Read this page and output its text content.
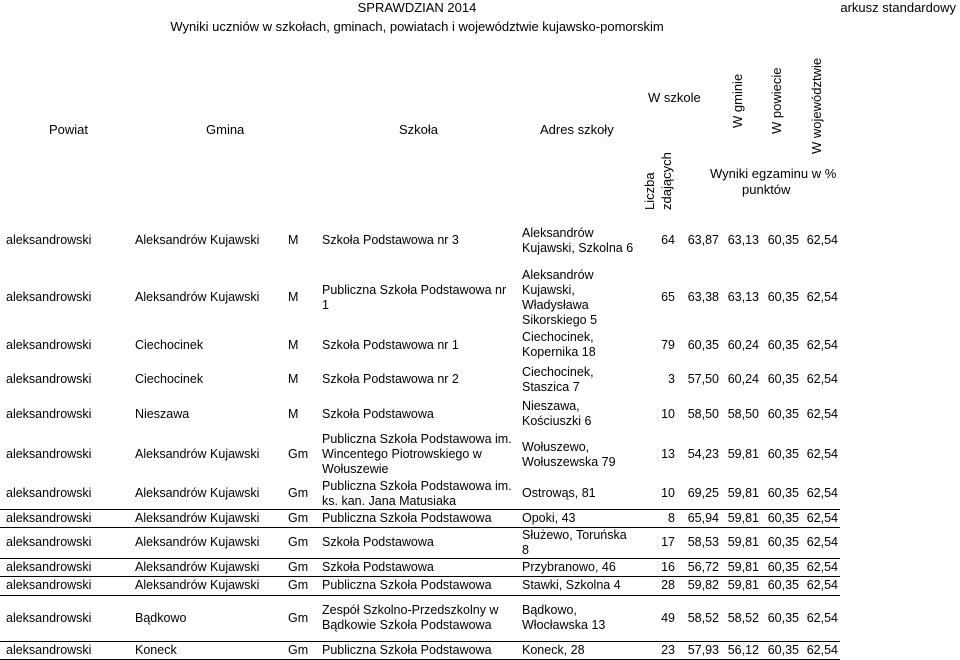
SPRAWDZIAN 2014
Wyniki uczniów w szkołach, gminach, powiatach i województwie kujawsko-pomorskim
arkusz standardowy
Powiat	Gmina	Szkoła	Adres szkoły
W szkole W gminie W powiecie W województwie
Liczba zdających	Wyniki egzaminu w %
punktów
aleksandrowski	Aleksandrów Kujawski	M	Szkoła Podstawowa nr 3	Aleksandrów Kujawski, Szkolna 6	64	63,87	63,13	60,35	62,54
aleksandrowski	Aleksandrów Kujawski	M	Publiczna Szkoła Podstawowa nr 1	Aleksandrów Kujawski, Władysława Sikorskiego 5	65	63,38	63,13	60,35	62,54
aleksandrowski	Ciechocinek	M	Szkoła Podstawowa nr 1	Ciechocinek, Kopernika 18	79	60,35	60,24	60,35	62,54
aleksandrowski	Ciechocinek	M	Szkoła Podstawowa nr 2	Ciechocinek, Staszica 7	3	57,50	60,24	60,35	62,54
aleksandrowski	Nieszawa	M	Szkoła Podstawowa	Nieszawa, Kościuszki 6	10	58,50	58,50	60,35	62,54
aleksandrowski	Aleksandrów Kujawski	Gm	Publiczna Szkoła Podstawowa im. Wincentego Piotrowskiego w Wołuszewie	Wołuszewo, Wołuszewska 79	13	54,23	59,81	60,35	62,54
aleksandrowski	Aleksandrów Kujawski	Gm	Publiczna Szkoła Podstawowa im. ks. kan. Jana Matusiaka	Ostrowąs, 81	10	69,25	59,81	60,35	62,54
aleksandrowski	Aleksandrów Kujawski	Gm	Publiczna Szkoła Podstawowa	Opoki, 43	8	65,94	59,81	60,35	62,54
aleksandrowski	Aleksandrów Kujawski	Gm	Szkoła Podstawowa	Służewo, Toruńska 8	17	58,53	59,81	60,35	62,54
aleksandrowski	Aleksandrów Kujawski	Gm	Szkoła Podstawowa	Przybranowo, 46	16	56,72	59,81	60,35	62,54
aleksandrowski	Aleksandrów Kujawski	Gm	Publiczna Szkoła Podstawowa	Stawki, Szkolna 4	28	59,82	59,81	60,35	62,54
aleksandrowski	Bądkowo	Gm	Zespół Szkolno-Przedszkolny w Bądkowie Szkoła Podstawowa	Bądkowo, Włocławska 13	49	58,52	58,52	60,35	62,54
aleksandrowski	Koneck	Gm	Publiczna Szkoła Podstawowa	Koneck, 28	23	57,93	56,12	60,35	62,54
